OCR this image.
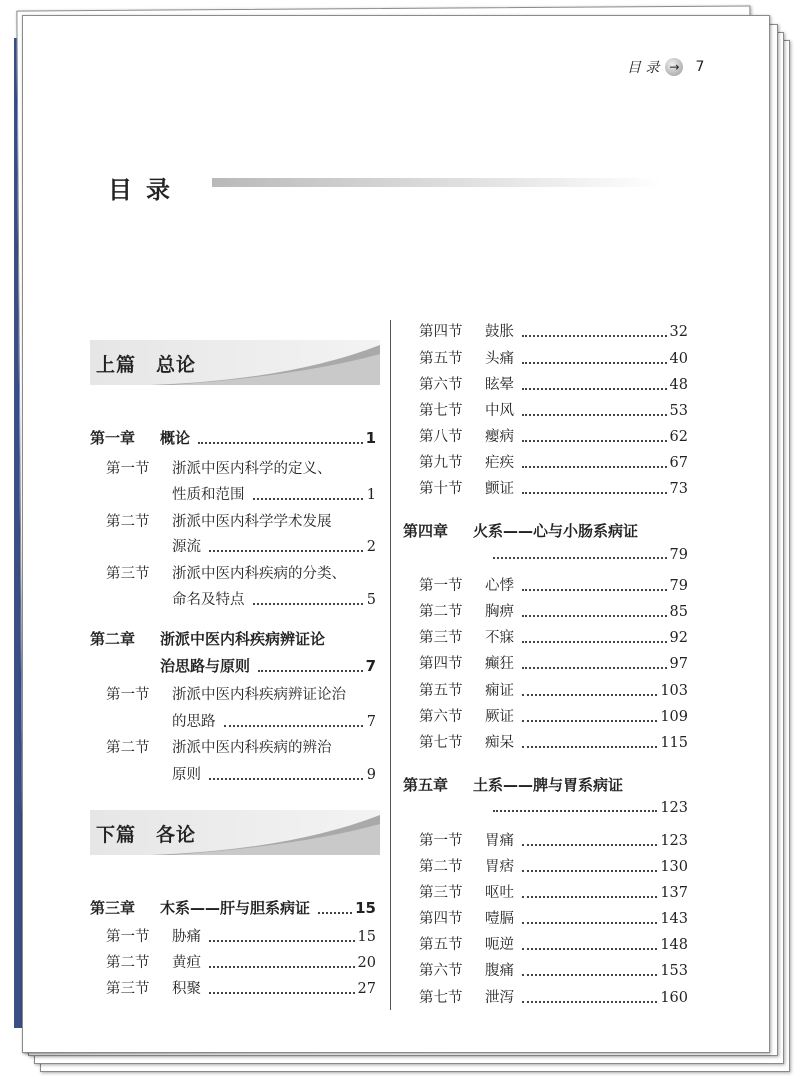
目 录 → 7
目录
上篇　总论
下篇　各论
第一章	概论	1
第一节	浙派中医内科学的定义、
性质和范围	1
第二节	浙派中医内科学学术发展
源流	2
第三节	浙派中医内科疾病的分类、
命名及特点	5
第二章	浙派中医内科疾病辨证论
治思路与原则	7
第一节	浙派中医内科疾病辨证论治
的思路	7
第二节	浙派中医内科疾病的辨治
原则	9
第三章	木系——肝与胆系病证	15
第一节	胁痛	15
第二节	黄疸	20
第三节	积聚	27
第四节	鼓胀	32
第五节	头痛	40
第六节	眩晕	48
第七节	中风	53
第八节	瘿病	62
第九节	疟疾	67
第十节	颤证	73
第四章	火系——心与小肠系病证
79
第一节	心悸	79
第二节	胸痹	85
第三节	不寐	92
第四节	癫狂	97
第五节	痫证	103
第六节	厥证	109
第七节	痴呆	115
第五章	土系——脾与胃系病证
123
第一节	胃痛	123
第二节	胃痞	130
第三节	呕吐	137
第四节	噎膈	143
第五节	呃逆	148
第六节	腹痛	153
第七节	泄泻	160
